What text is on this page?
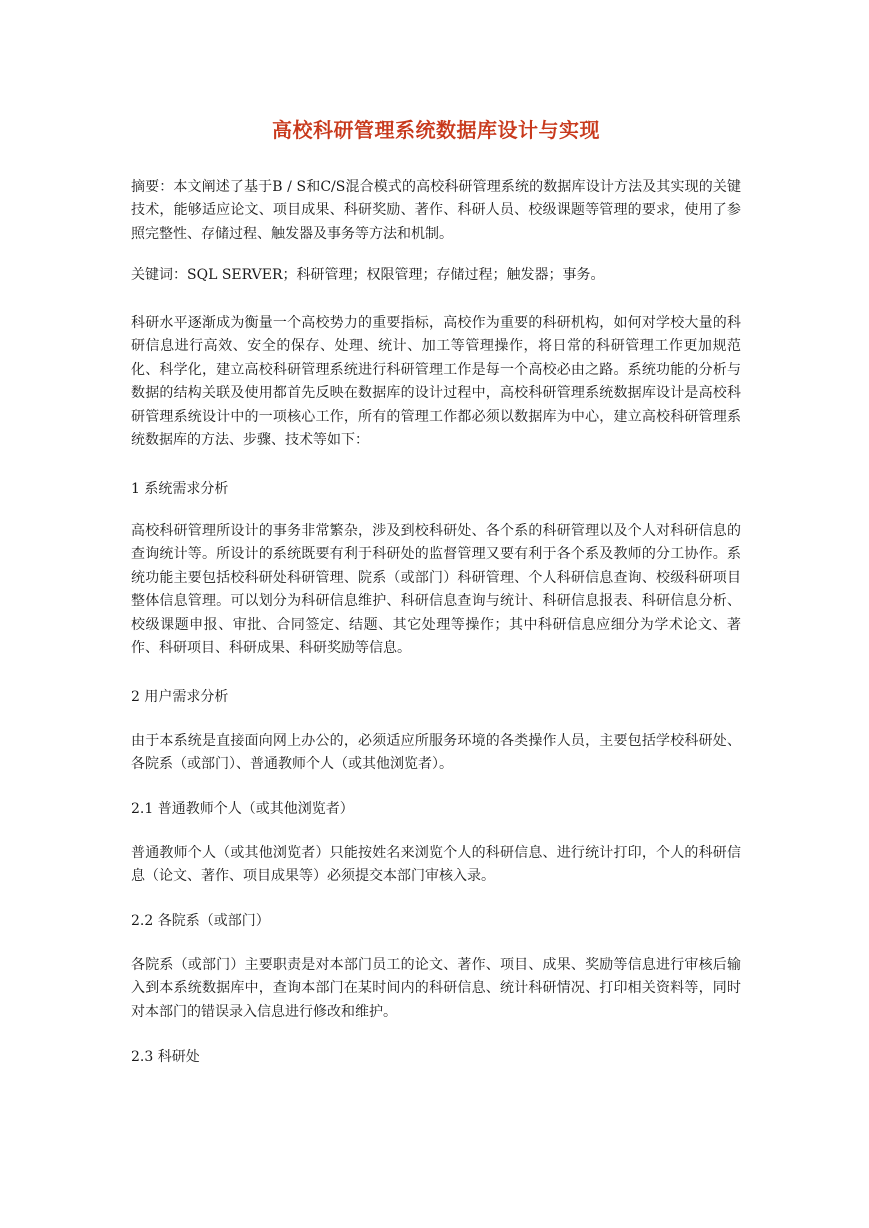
高校科研管理系统数据库设计与实现

摘要：本文阐述了基于B / S和C/S混合模式的高校科研管理系统的数据库设计方法及其实现的关键技术，能够适应论文、项目成果、科研奖励、著作、科研人员、校级课题等管理的要求，使用了参照完整性、存储过程、触发器及事务等方法和机制。

关键词：SQL SERVER；科研管理；权限管理；存储过程；触发器；事务。

科研水平逐渐成为衡量一个高校势力的重要指标，高校作为重要的科研机构，如何对学校大量的科研信息进行高效、安全的保存、处理、统计、加工等管理操作，将日常的科研管理工作更加规范化、科学化，建立高校科研管理系统进行科研管理工作是每一个高校必由之路。系统功能的分析与数据的结构关联及使用都首先反映在数据库的设计过程中，高校科研管理系统数据库设计是高校科研管理系统设计中的一项核心工作，所有的管理工作都必须以数据库为中心，建立高校科研管理系统数据库的方法、步骤、技术等如下：

1 系统需求分析

高校科研管理所设计的事务非常繁杂，涉及到校科研处、各个系的科研管理以及个人对科研信息的查询统计等。所设计的系统既要有利于科研处的监督管理又要有利于各个系及教师的分工协作。系统功能主要包括校科研处科研管理、院系（或部门）科研管理、个人科研信息查询、校级科研项目整体信息管理。可以划分为科研信息维护、科研信息查询与统计、科研信息报表、科研信息分析、校级课题申报、审批、合同签定、结题、其它处理等操作；其中科研信息应细分为学术论文、著作、科研项目、科研成果、科研奖励等信息。

2 用户需求分析

由于本系统是直接面向网上办公的，必须适应所服务环境的各类操作人员，主要包括学校科研处、各院系（或部门）、普通教师个人（或其他浏览者）。

2.1 普通教师个人（或其他浏览者）

普通教师个人（或其他浏览者）只能按姓名来浏览个人的科研信息、进行统计打印，个人的科研信息（论文、著作、项目成果等）必须提交本部门审核入录。

2.2 各院系（或部门）

各院系（或部门）主要职责是对本部门员工的论文、著作、项目、成果、奖励等信息进行审核后输入到本系统数据库中，查询本部门在某时间内的科研信息、统计科研情况、打印相关资料等，同时对本部门的错误录入信息进行修改和维护。

2.3 科研处
